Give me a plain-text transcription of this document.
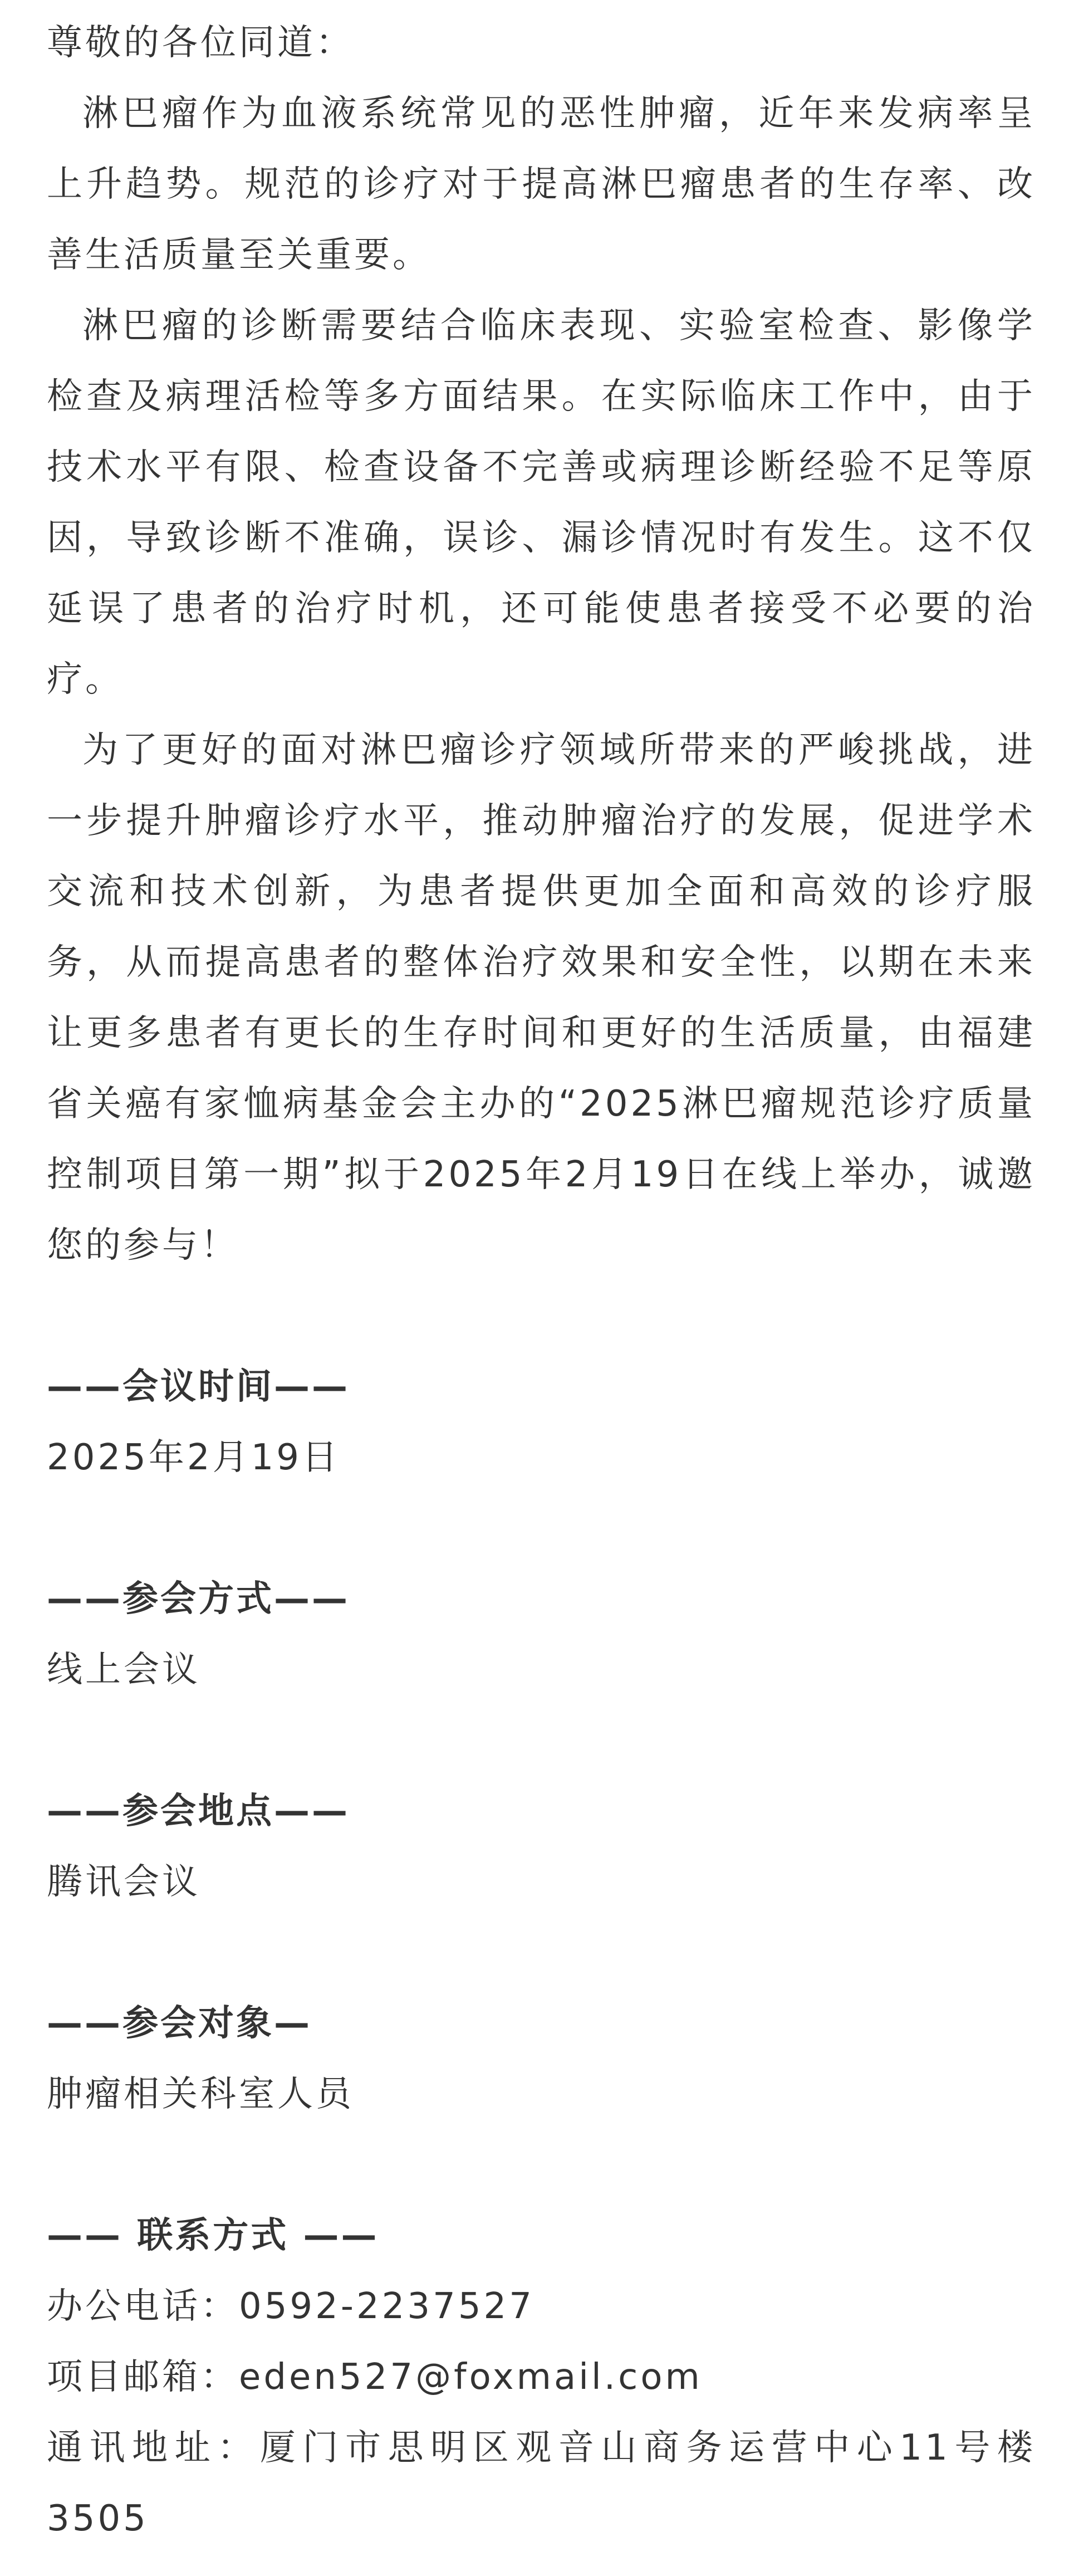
尊敬的各位同道：

淋巴瘤作为血液系统常见的恶性肿瘤，近年来发病率呈上升趋势。规范的诊疗对于提高淋巴瘤患者的生存率、改善生活质量至关重要。

淋巴瘤的诊断需要结合临床表现、实验室检查、影像学检查及病理活检等多方面结果。在实际临床工作中，由于技术水平有限、检查设备不完善或病理诊断经验不足等原因，导致诊断不准确，误诊、漏诊情况时有发生。这不仅延误了患者的治疗时机，还可能使患者接受不必要的治疗。

为了更好的面对淋巴瘤诊疗领域所带来的严峻挑战，进一步提升肿瘤诊疗水平，推动肿瘤治疗的发展，促进学术交流和技术创新，为患者提供更加全面和高效的诊疗服务，从而提高患者的整体治疗效果和安全性，以期在未来让更多患者有更长的生存时间和更好的生活质量，由福建省关癌有家恤病基金会主办的“2025淋巴瘤规范诊疗质量控制项目第一期”拟于2025年2月19日在线上举办，诚邀您的参与！

——会议时间——

2025年2月19日

——参会方式——

线上会议

——参会地点——

腾讯会议

——参会对象—

肿瘤相关科室人员

—— 联系方式 ——

办公电话：0592-2237527

项目邮箱：eden527@foxmail.com

通讯地址：厦门市思明区观音山商务运营中心11号楼3505
